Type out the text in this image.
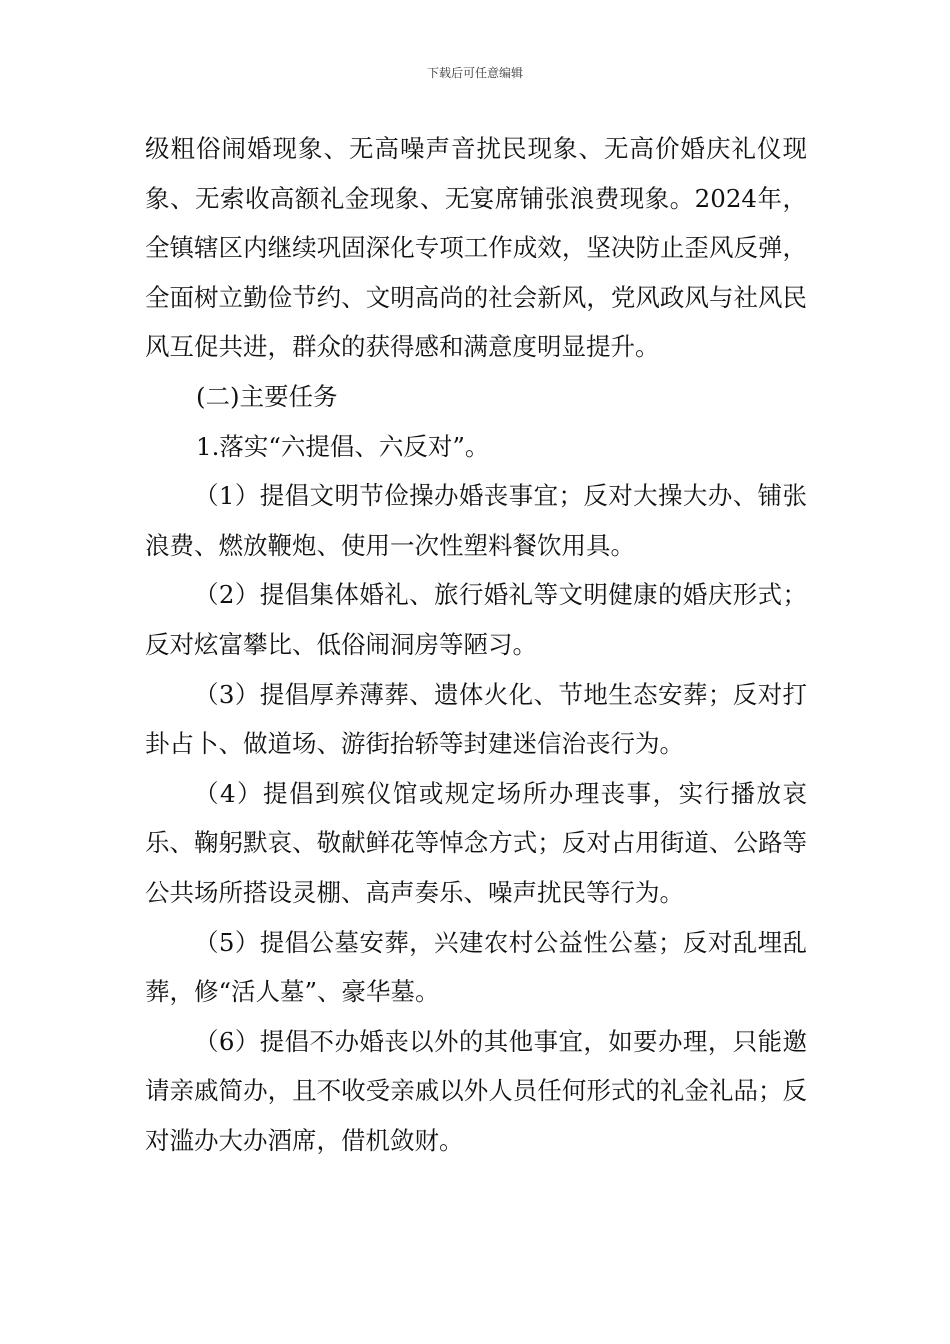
下载后可任意编辑

级粗俗闹婚现象、无高噪声音扰民现象、无高价婚庆礼仪现象、无索收高额礼金现象、无宴席铺张浪费现象。2024年，全镇辖区内继续巩固深化专项工作成效，坚决防止歪风反弹，全面树立勤俭节约、文明高尚的社会新风，党风政风与社风民风互促共进，群众的获得感和满意度明显提升。

(二)主要任务

1.落实“六提倡、六反对”。

（1）提倡文明节俭操办婚丧事宜；反对大操大办、铺张浪费、燃放鞭炮、使用一次性塑料餐饮用具。

（2）提倡集体婚礼、旅行婚礼等文明健康的婚庆形式；反对炫富攀比、低俗闹洞房等陋习。

（3）提倡厚养薄葬、遗体火化、节地生态安葬；反对打卦占卜、做道场、游街抬轿等封建迷信治丧行为。

（4）提倡到殡仪馆或规定场所办理丧事，实行播放哀乐、鞠躬默哀、敬献鲜花等悼念方式；反对占用街道、公路等公共场所搭设灵棚、高声奏乐、噪声扰民等行为。

（5）提倡公墓安葬，兴建农村公益性公墓；反对乱埋乱葬，修“活人墓”、豪华墓。

（6）提倡不办婚丧以外的其他事宜，如要办理，只能邀请亲戚简办，且不收受亲戚以外人员任何形式的礼金礼品；反对滥办大办酒席，借机敛财。
